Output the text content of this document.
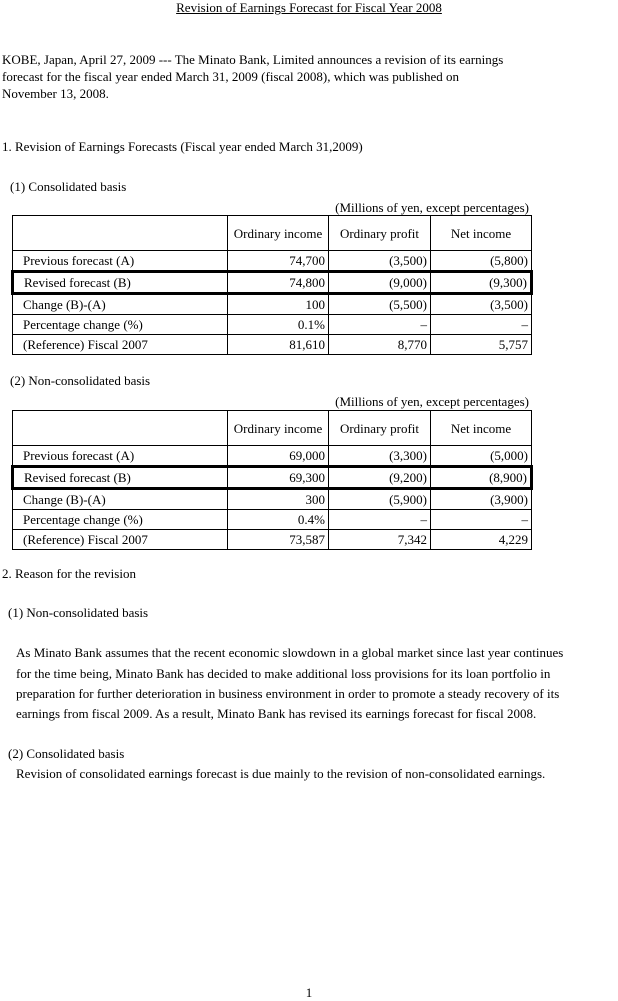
Revision of Earnings Forecast for Fiscal Year 2008
KOBE, Japan, April 27, 2009 --- The Minato Bank, Limited announces a revision of its earnings
forecast for the fiscal year ended March 31, 2009 (fiscal 2008), which was published on
November 13, 2008.
1. Revision of Earnings Forecasts (Fiscal year ended March 31,2009)
(1) Consolidated basis
(Millions of yen, except percentages)
	Ordinary income	Ordinary profit	Net income
Previous forecast (A)	74,700	(3,500)	(5,800)
Revised forecast (B)	74,800	(9,000)	(9,300)
Change (B)-(A)	100	(5,500)	(3,500)
Percentage change (%)	0.1%	–	–
(Reference) Fiscal 2007	81,610	8,770	5,757
(2) Non-consolidated basis
(Millions of yen, except percentages)
	Ordinary income	Ordinary profit	Net income
Previous forecast (A)	69,000	(3,300)	(5,000)
Revised forecast (B)	69,300	(9,200)	(8,900)
Change (B)-(A)	300	(5,900)	(3,900)
Percentage change (%)	0.4%	–	–
(Reference) Fiscal 2007	73,587	7,342	4,229
2. Reason for the revision
(1) Non-consolidated basis
As Minato Bank assumes that the recent economic slowdown in a global market since last year continues
for the time being, Minato Bank has decided to make additional loss provisions for its loan portfolio in
preparation for further deterioration in business environment in order to promote a steady recovery of its
earnings from fiscal 2009. As a result, Minato Bank has revised its earnings forecast for fiscal 2008.
(2) Consolidated basis
Revision of consolidated earnings forecast is due mainly to the revision of non-consolidated earnings.
1
